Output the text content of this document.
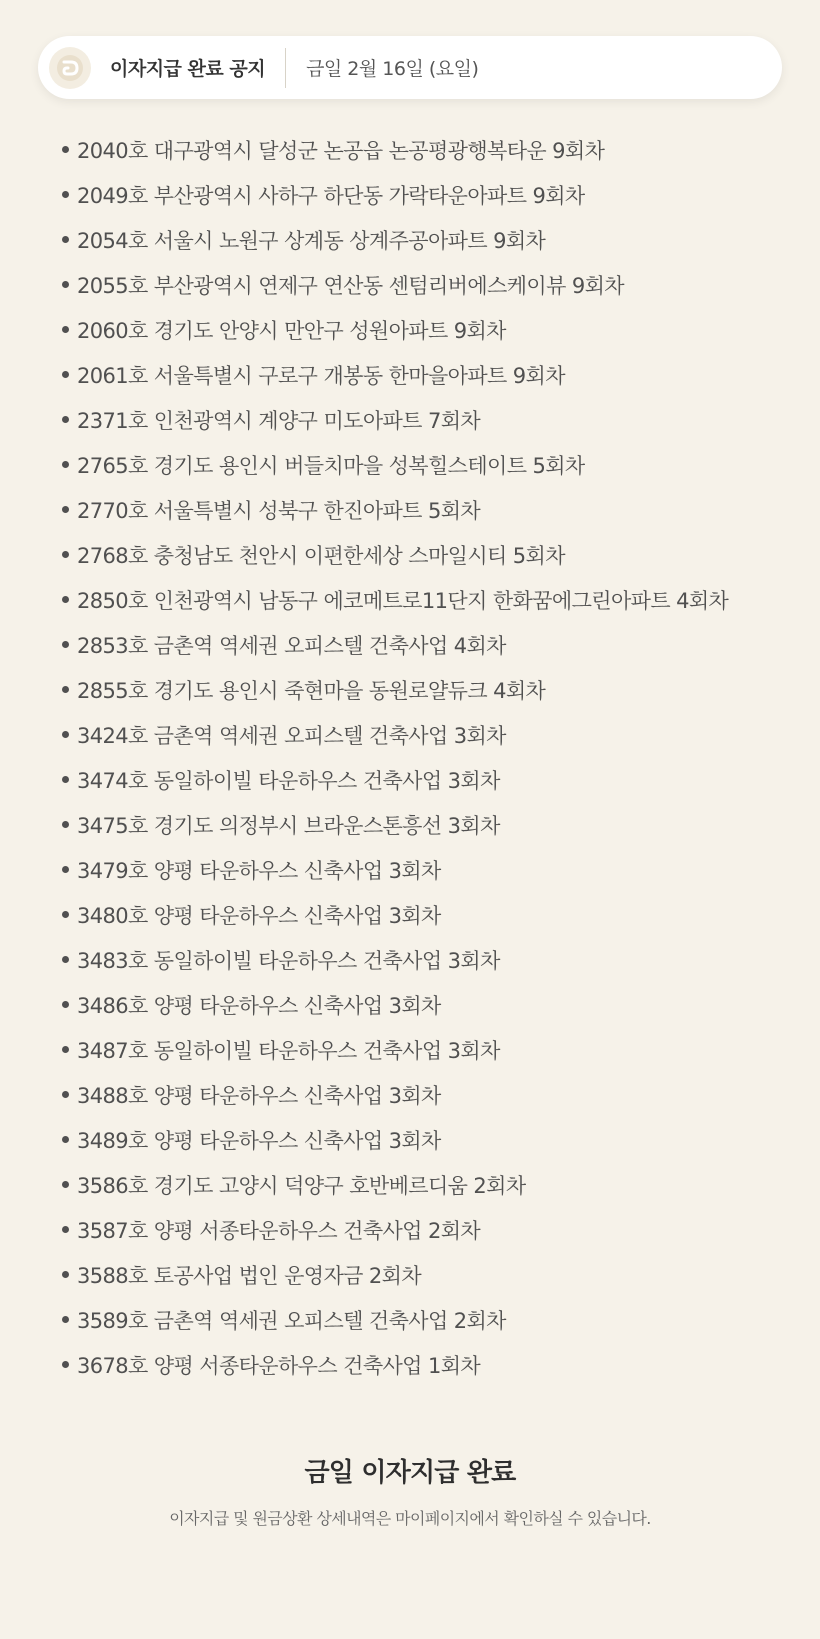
이자지급 완료 공지 금일 2월 16일 (요일)
2040호 대구광역시 달성군 논공읍 논공평광행복타운 9회차
2049호 부산광역시 사하구 하단동 가락타운아파트 9회차
2054호 서울시 노원구 상계동 상계주공아파트 9회차
2055호 부산광역시 연제구 연산동 센텀리버에스케이뷰 9회차
2060호 경기도 안양시 만안구 성원아파트 9회차
2061호 서울특별시 구로구 개봉동 한마을아파트 9회차
2371호 인천광역시 계양구 미도아파트 7회차
2765호 경기도 용인시 버들치마을 성복힐스테이트 5회차
2770호 서울특별시 성북구 한진아파트 5회차
2768호 충청남도 천안시 이편한세상 스마일시티 5회차
2850호 인천광역시 남동구 에코메트로11단지 한화꿈에그린아파트 4회차
2853호 금촌역 역세권 오피스텔 건축사업 4회차
2855호 경기도 용인시 죽현마을 동원로얄듀크 4회차
3424호 금촌역 역세권 오피스텔 건축사업 3회차
3474호 동일하이빌 타운하우스 건축사업 3회차
3475호 경기도 의정부시 브라운스톤흥선 3회차
3479호 양평 타운하우스 신축사업 3회차
3480호 양평 타운하우스 신축사업 3회차
3483호 동일하이빌 타운하우스 건축사업 3회차
3486호 양평 타운하우스 신축사업 3회차
3487호 동일하이빌 타운하우스 건축사업 3회차
3488호 양평 타운하우스 신축사업 3회차
3489호 양평 타운하우스 신축사업 3회차
3586호 경기도 고양시 덕양구 호반베르디움 2회차
3587호 양평 서종타운하우스 건축사업 2회차
3588호 토공사업 법인 운영자금 2회차
3589호 금촌역 역세권 오피스텔 건축사업 2회차
3678호 양평 서종타운하우스 건축사업 1회차
금일 이자지급 완료
이자지급 및 원금상환 상세내역은 마이페이지에서 확인하실 수 있습니다.
